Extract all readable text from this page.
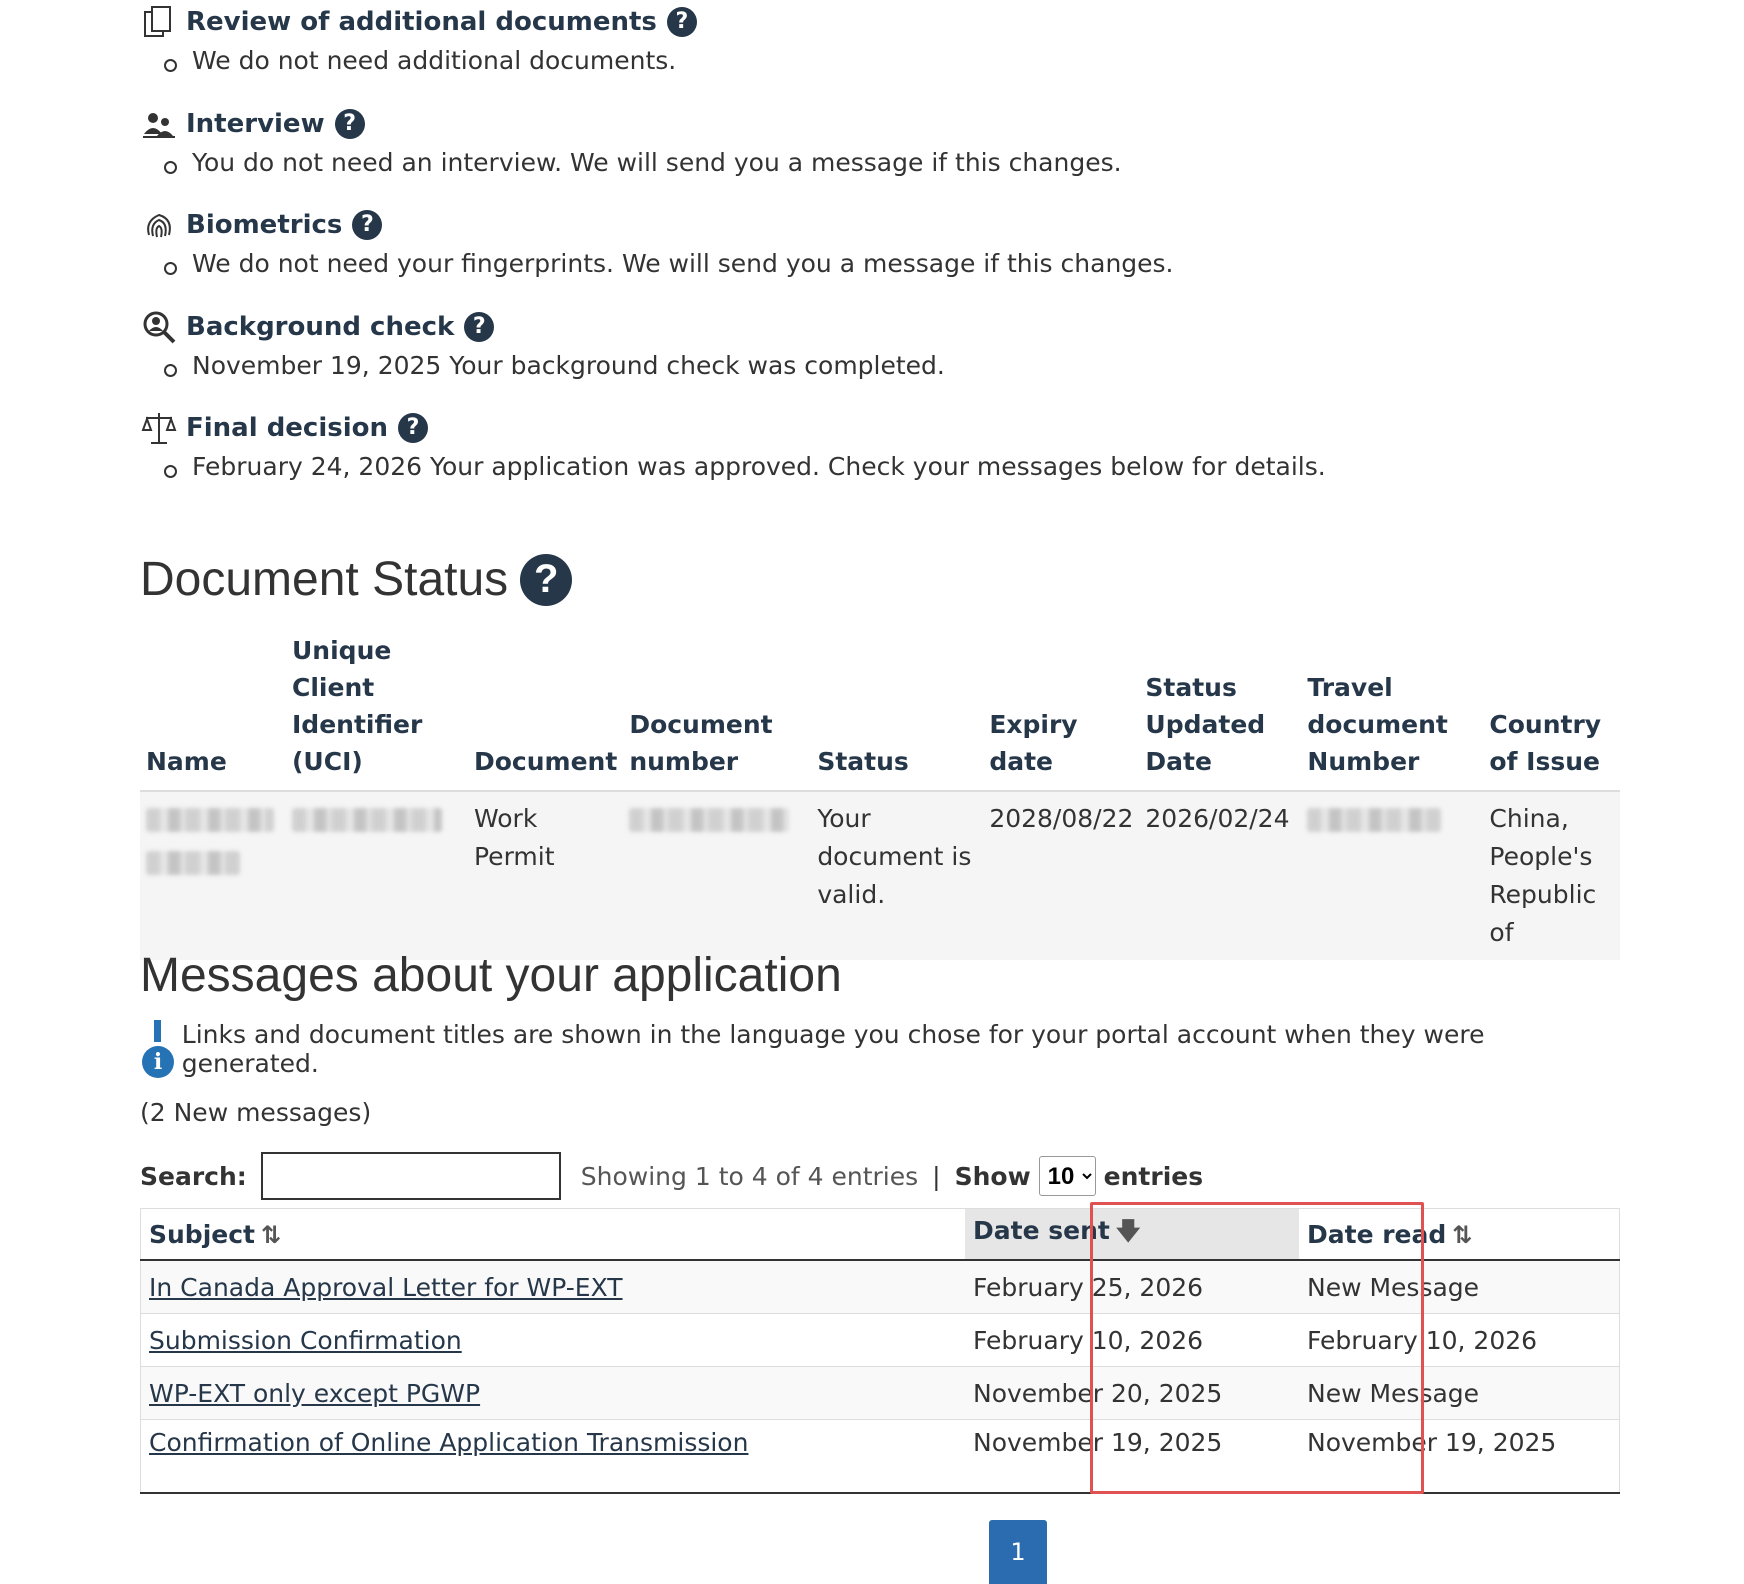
Review of additional documents ?
We do not need additional documents.
Interview ?
You do not need an interview. We will send you a message if this changes.
Biometrics ?
We do not need your fingerprints. We will send you a message if this changes.
Background check ?
November 19, 2025 Your background check was completed.
Final decision ?
February 24, 2026 Your application was approved. Check your messages below for details.
Document Status ?
Name	Unique Client Identifier (UCI)	Document	Document number	Status	Expiry date	Status Updated Date	Travel document Number	Country of Issue

		Work Permit		Your document is valid.	2028/08/22	2026/02/24		China, People's Republic of
Messages about your application
i
Links and document titles are shown in the language you chose for your portal account when they were generated.
(2 New messages)
Search:	Showing 1 to 4 of 4 entries | Show
10	entries
Subject ⇅	Date sent 🡇	Date read ⇅
In Canada Approval Letter for WP-EXT	February 25, 2026	New Message
Submission Confirmation	February 10, 2026	February 10, 2026
WP-EXT only except PGWP	November 20, 2025	New Message
Confirmation of Online Application Transmission	November 19, 2025	November 19, 2025
1
